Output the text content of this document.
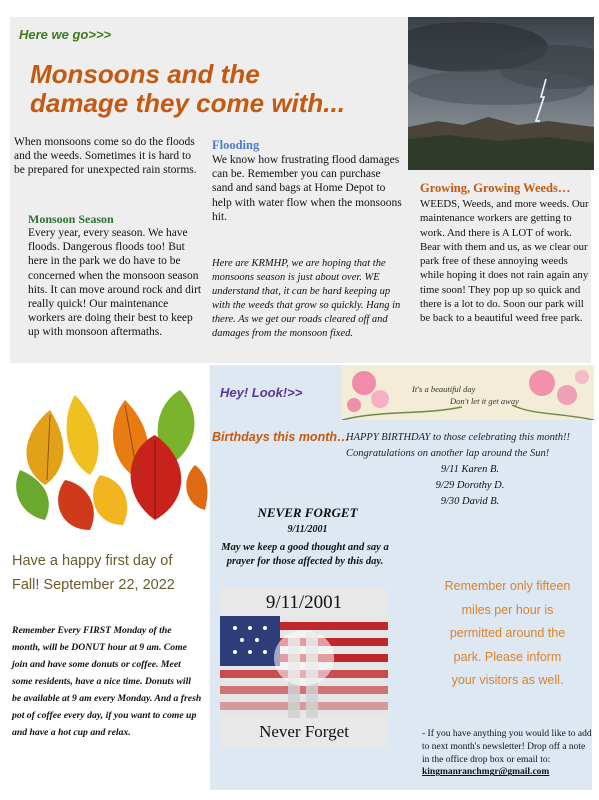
Here we go>>>
Monsoons and the
damage they come with...
When monsoons come so do the floods and the weeds. Sometimes it is hard to be prepared for unexpected rain storms.
Monsoon Season
Every year, every season. We have floods. Dangerous floods too! But here in the park we do have to be concerned when the monsoon season hits. It can move around rock and dirt really quick! Our maintenance workers are doing their best to keep up with monsoon aftermaths.
Flooding
We know how frustrating flood damages can be. Remember you can purchase sand and sand bags at Home Depot to help with water flow when the monsoons hit.
Here are KRMHP, we are hoping that the monsoons season is just about over. WE understand that, it can be hard keeping up with the weeds that grow so quickly. Hang in there. As we get our roads cleared off and damages from the monsoon fixed.
Growing, Growing Weeds…
WEEDS, Weeds, and more weeds. Our maintenance workers are getting to work. And there is A LOT of work. Bear with them and us, as we clear our park free of these annoying weeds while hoping it does not rain again any time soon! They pop up so quick and there is a lot to do. Soon our park will be back to a beautiful weed free park.
Have a happy first day of
Fall! September 22, 2022
Remember Every FIRST Monday of the month, will be DONUT hour at 9 am. Come join and have some donuts or coffee. Meet some residents, have a nice time. Donuts will be available at 9 am every Monday. And a fresh pot of coffee every day, if you want to come up and have a hot cup and relax.
Hey! Look!>>	It's a beautiful day
Don't let it get away
Birthdays this month…
HAPPY BIRTHDAY to those celebrating this month!!
Congratulations on another lap around the Sun!
9/11 Karen B.
9/29 Dorothy D.
9/30 David B.
NEVER FORGET
9/11/2001
May we keep a good thought and say a prayer for those affected by this day.
9/11/2001
Never Forget
Remember only fifteen
miles per hour is
permitted around the
park. Please inform
your visitors as well.
- If you have anything you would like to add to next month's newsletter! Drop off a note in the office drop box or email to:
kingmanranchmgr@gmail.com
